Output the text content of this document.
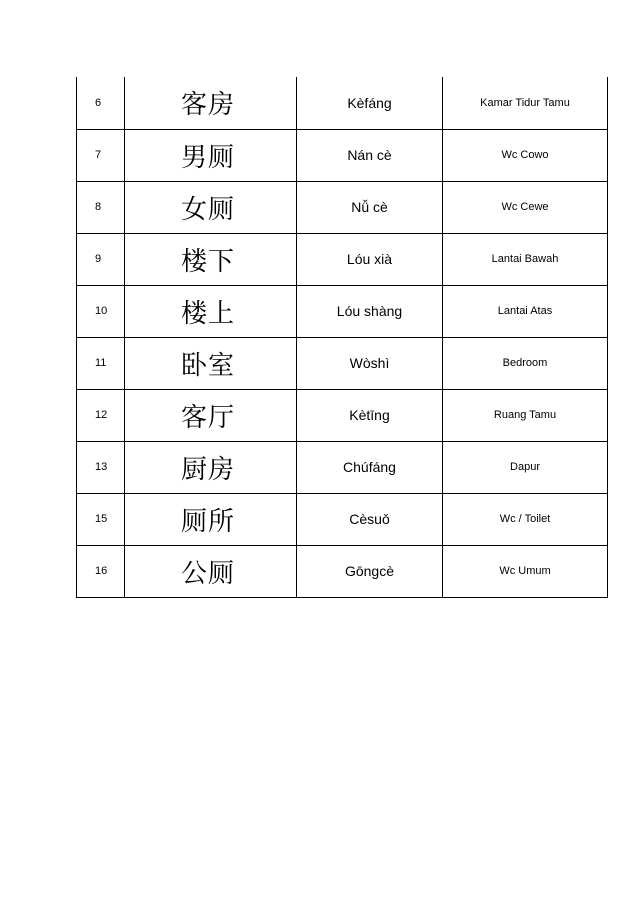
6	客房	Kèfáng	Kamar Tidur Tamu
7	男厕	Nán cè	Wc Cowo
8	女厕	Nǚ cè	Wc Cewe
9	楼下	Lóu xià	Lantai Bawah
10	楼上	Lóu shàng	Lantai Atas
11	卧室	Wòshì	Bedroom
12	客厅	Kètīng	Ruang Tamu
13	厨房	Chúfáng	Dapur
15	厕所	Cèsuǒ	Wc / Toilet
16	公厕	Gōngcè	Wc Umum
